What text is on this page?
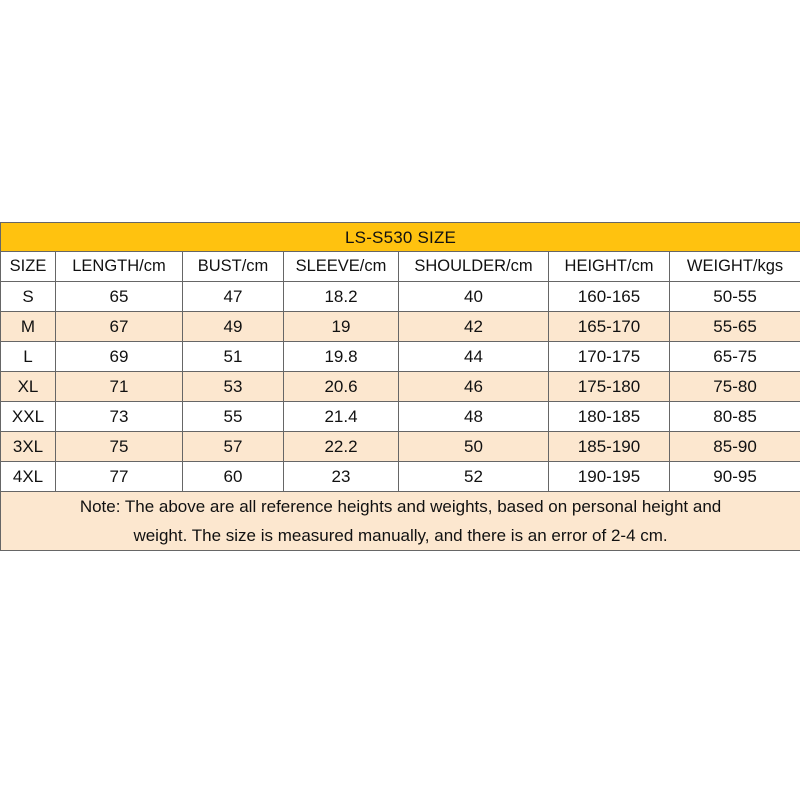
LS-S530 SIZE						
SIZE	LENGTH/cm	BUST/cm	SLEEVE/cm	SHOULDER/cm	HEIGHT/cm	WEIGHT/kgs
S	65	47	18.2	40	160-165	50-55
M	67	49	19	42	165-170	55-65
L	69	51	19.8	44	170-175	65-75
XL	71	53	20.6	46	175-180	75-80
XXL	73	55	21.4	48	180-185	80-85
3XL	75	57	22.2	50	185-190	85-90
4XL	77	60	23	52	190-195	90-95
Note: The above are all reference heights and weights, based on personal height and
weight. The size is measured manually, and there is an error of 2-4 cm.						
